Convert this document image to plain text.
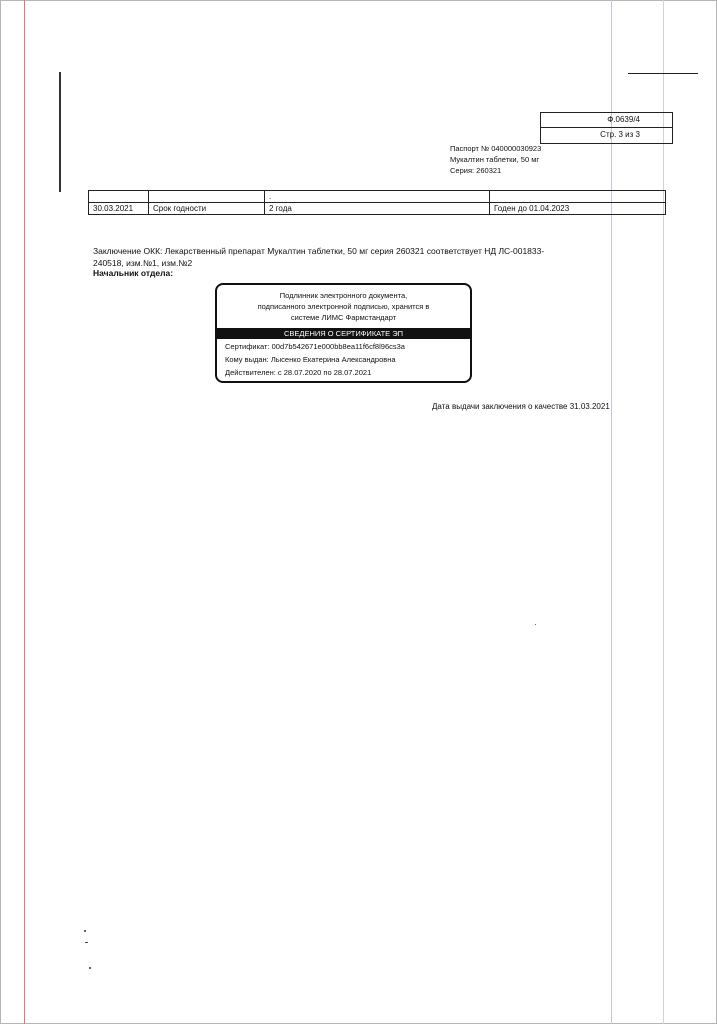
Ф.0639/4
Стр. 3 из 3
Паспорт № 040000030923
Мукалтин таблетки, 50 мг
Серия: 260321
		.	
30.03.2021	Срок годности	2 года	Годен до 01.04.2023
Заключение ОКК: Лекарственный препарат Мукалтин таблетки, 50 мг серия 260321 соответствует НД ЛС-001833-240518, изм.№1, изм.№2
Начальник отдела:
Подлинник электронного документа,
подписанного электронной подписью, хранится в
системе ЛИМС Фармстандарт
СВЕДЕНИЯ О СЕРТИФИКАТЕ ЭП
Сертификат: 00d7b542671e000bb8ea11f6cf8l96cs3a
Кому выдан: Лысенко Екатерина Александровна
Действителен: с 28.07.2020 по 28.07.2021
Дата выдачи заключения о качестве 31.03.2021
